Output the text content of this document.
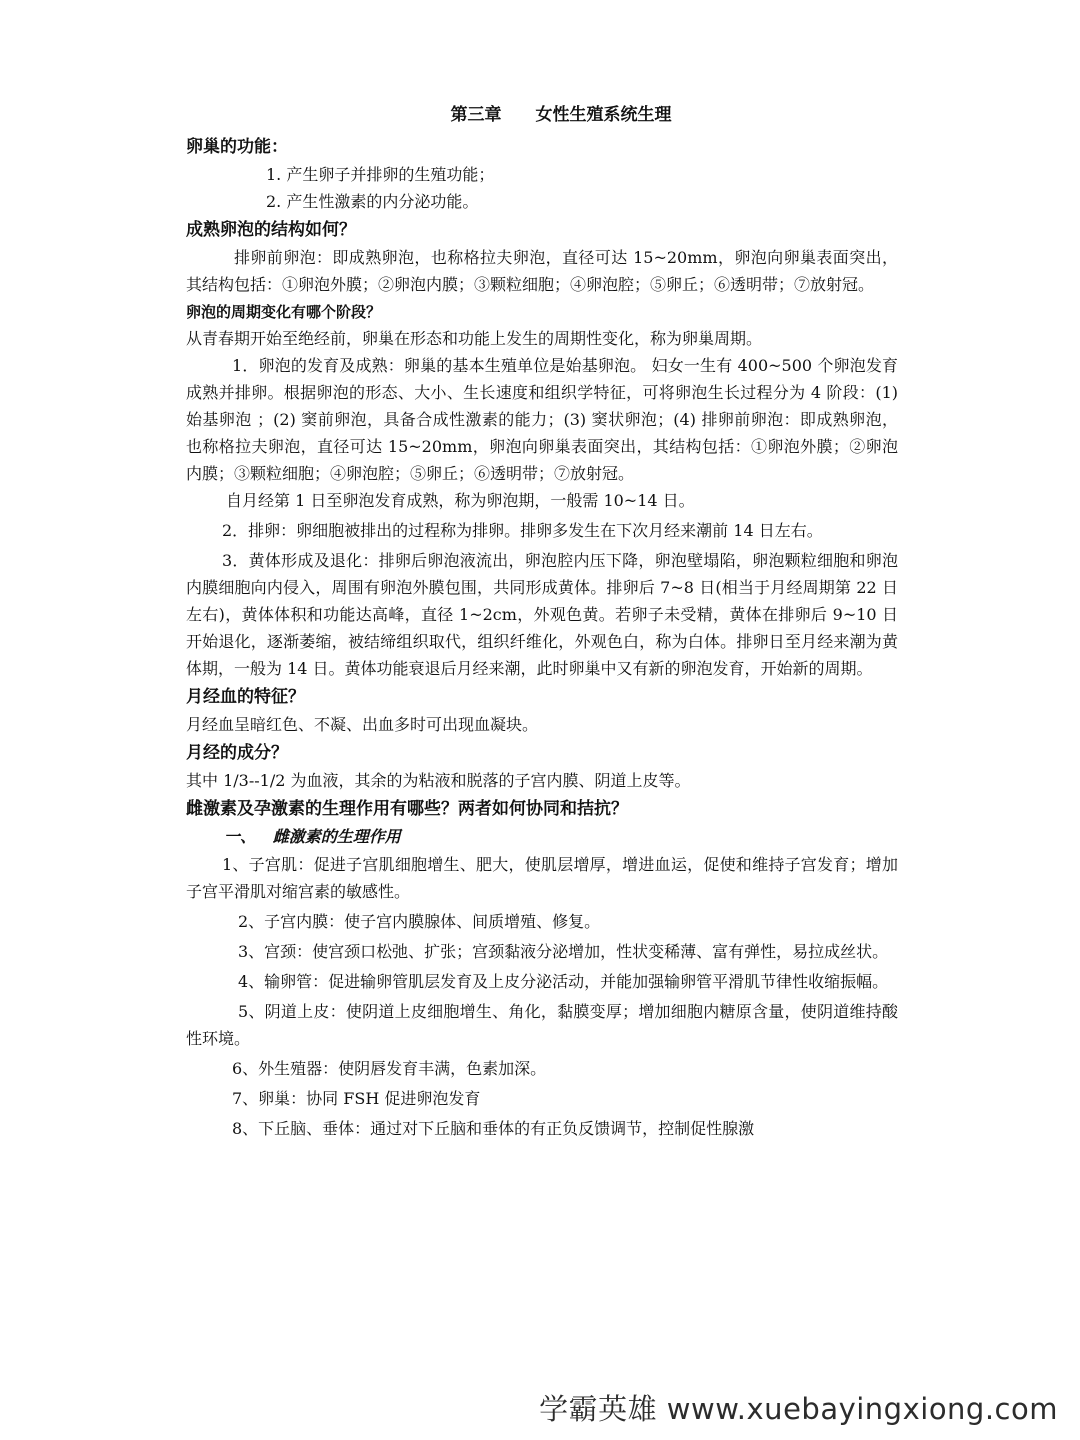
第三章　　女性生殖系统生理
卵巢的功能：

1. 产生卵子并排卵的生殖功能；

2. 产生性激素的内分泌功能。

成熟卵泡的结构如何？

排卵前卵泡：即成熟卵泡，也称格拉夫卵泡，直径可达 15~20mm，卵泡向卵巢表面突出，其结构包括：①卵泡外膜；②卵泡内膜；③颗粒细胞；④卵泡腔；⑤卵丘；⑥透明带；⑦放射冠。

卵泡的周期变化有哪个阶段？

从青春期开始至绝经前，卵巢在形态和功能上发生的周期性变化，称为卵巢周期。

1．卵泡的发育及成熟：卵巢的基本生殖单位是始基卵泡。 妇女一生有 400~500 个卵泡发育成熟并排卵。根据卵泡的形态、大小、生长速度和组织学特征，可将卵泡生长过程分为 4 阶段：(1) 始基卵泡 ；(2) 窦前卵泡，具备合成性激素的能力；(3) 窦状卵泡；(4) 排卵前卵泡：即成熟卵泡，也称格拉夫卵泡，直径可达 15~20mm，卵泡向卵巢表面突出，其结构包括：①卵泡外膜；②卵泡内膜；③颗粒细胞；④卵泡腔；⑤卵丘；⑥透明带；⑦放射冠。

自月经第 1 日至卵泡发育成熟，称为卵泡期，一般需 10~14 日。

2．排卵：卵细胞被排出的过程称为排卵。排卵多发生在下次月经来潮前 14 日左右。

3．黄体形成及退化：排卵后卵泡液流出，卵泡腔内压下降，卵泡壁塌陷，卵泡颗粒细胞和卵泡内膜细胞向内侵入，周围有卵泡外膜包围，共同形成黄体。排卵后 7~8 日(相当于月经周期第 22 日左右)，黄体体积和功能达高峰，直径 1~2cm，外观色黄。若卵子未受精，黄体在排卵后 9~10 日开始退化，逐渐萎缩，被结缔组织取代，组织纤维化，外观色白，称为白体。排卵日至月经来潮为黄体期，一般为 14 日。黄体功能衰退后月经来潮，此时卵巢中又有新的卵泡发育，开始新的周期。

月经血的特征？

月经血呈暗红色、不凝、出血多时可出现血凝块。

月经的成分？

其中 1/3--1/2 为血液，其余的为粘液和脱落的子宫内膜、阴道上皮等。

雌激素及孕激素的生理作用有哪些？两者如何协同和拮抗？
一、 雌激素的生理作用

1、子宫肌：促进子宫肌细胞增生、肥大，使肌层增厚，增进血运，促使和维持子宫发育；增加子宫平滑肌对缩宫素的敏感性。

2、子宫内膜：使子宫内膜腺体、间质增殖、修复。

3、宫颈：使宫颈口松弛、扩张；宫颈黏液分泌增加，性状变稀薄、富有弹性，易拉成丝状。

4、输卵管：促进输卵管肌层发育及上皮分泌活动，并能加强输卵管平滑肌节律性收缩振幅。

5、阴道上皮：使阴道上皮细胞增生、角化，黏膜变厚；增加细胞内糖原含量，使阴道维持酸性环境。

6、外生殖器：使阴唇发育丰满，色素加深。

7、卵巢：协同 FSH 促进卵泡发育

8、下丘脑、垂体：通过对下丘脑和垂体的有正负反馈调节，控制促性腺激

学霸英雄 www.xuebayingxiong.com
